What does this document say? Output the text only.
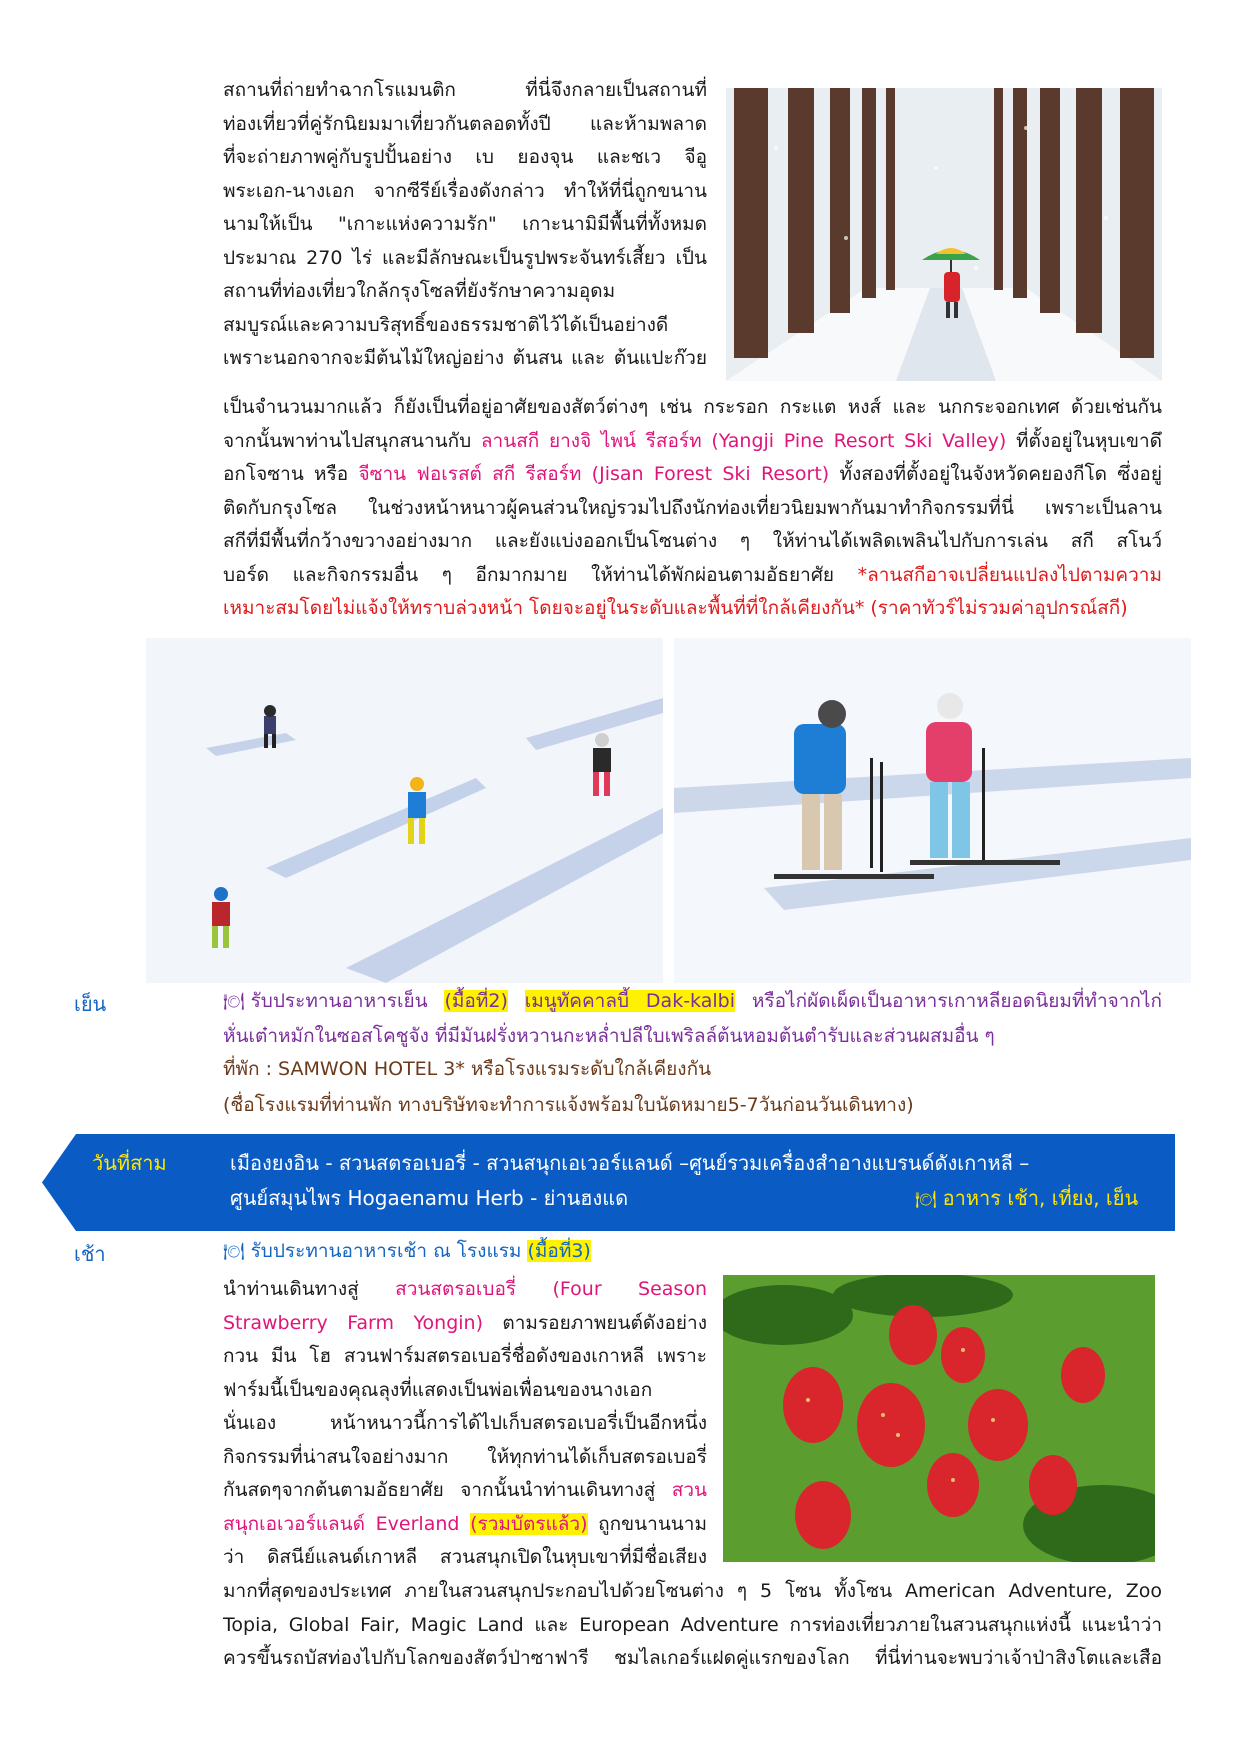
สถานที่ถ่ายทำฉากโรแมนติก ที่นี่จึงกลายเป็นสถานที่

ท่องเที่ยวที่คู่รักนิยมมาเที่ยวกันตลอดทั้งปี และห้ามพลาด

ที่จะถ่ายภาพคู่กับรูปปั้นอย่าง เบ ยองจุน และชเว จีอู

พระเอก-นางเอก จากซีรีย์เรื่องดังกล่าว ทำให้ที่นี่ถูกขนาน

นามให้เป็น "เกาะแห่งความรัก" เกาะนามิมีพื้นที่ทั้งหมด

ประมาณ 270 ไร่ และมีลักษณะเป็นรูปพระจันทร์เสี้ยว เป็น

สถานที่ท่องเที่ยวใกล้กรุงโซลที่ยังรักษาความอุดม

สมบูรณ์และความบริสุทธิ์ของธรรมชาติไว้ได้เป็นอย่างดี

เพราะนอกจากจะมีต้นไม้ใหญ่อย่าง ต้นสน และ ต้นแปะก๊วย

เป็นจำนวนมากแล้ว ก็ยังเป็นที่อยู่อาศัยของสัตว์ต่างๆ เช่น กระรอก กระแต หงส์ และ นกกระจอกเทศ ด้วยเช่นกัน

จากนั้นพาท่านไปสนุกสนานกับ ลานสกี ยางจิ ไพน์ รีสอร์ท (Yangji Pine Resort Ski Valley) ที่ตั้งอยู่ในหุบเขาดึ

อกโจซาน หรือ จีซาน ฟอเรสต์ สกี รีสอร์ท (Jisan Forest Ski Resort) ทั้งสองที่ตั้งอยู่ในจังหวัดคยองกีโด ซึ่งอยู่

ติดกับกรุงโซล ในช่วงหน้าหนาวผู้คนส่วนใหญ่รวมไปถึงนักท่องเที่ยวนิยมพากันมาทำกิจกรรมที่นี่ เพราะเป็นลาน

สกีที่มีพื้นที่กว้างขวางอย่างมาก และยังแบ่งออกเป็นโซนต่าง ๆ ให้ท่านได้เพลิดเพลินไปกับการเล่น สกี สโนว์

บอร์ด และกิจกรรมอื่น ๆ อีกมากมาย ให้ท่านได้พักผ่อนตามอัธยาศัย *ลานสกีอาจเปลี่ยนแปลงไปตามความ

เหมาะสมโดยไม่แจ้งให้ทราบล่วงหน้า โดยจะอยู่ในระดับและพื้นที่ที่ใกล้เคียงกัน* (ราคาทัวร์ไม่รวมค่าอุปกรณ์สกี)

เย็น	🍽 รับประทานอาหารเย็น (มื้อที่2) เมนูทัคคาลบี้ Dak-kalbi หรือไก่ผัดเผ็ดเป็นอาหารเกาหลียอดนิยมที่ทำจากไก่

หั่นเต๋าหมักในซอสโคชูจัง ที่มีมันฝรั่งหวานกะหล่ำปลีใบเพริลล์ต้นหอมต้นตำรับและส่วนผสมอื่น ๆ

ที่พัก : SAMWON HOTEL 3* หรือโรงแรมระดับใกล้เคียงกัน

(ชื่อโรงแรมที่ท่านพัก ทางบริษัทจะทำการแจ้งพร้อมใบนัดหมาย5-7วันก่อนวันเดินทาง)

วันที่สาม	เมืองยงอิน - สวนสตรอเบอรี่ - สวนสนุกเอเวอร์แลนด์ –ศูนย์รวมเครื่องสำอางแบรนด์ดังเกาหลี –
ศูนย์สมุนไพร Hogaenamu Herb - ย่านฮงแด	🍽 อาหาร เช้า, เที่ยง, เย็น
เช้า	🍽 รับประทานอาหารเช้า ณ โรงแรม (มื้อที่3)

นำท่านเดินทางสู่ สวนสตรอเบอรี่ (Four Season

Strawberry Farm Yongin) ตามรอยภาพยนต์ดังอย่าง

กวน มีน โฮ สวนฟาร์มสตรอเบอรี่ชื่อดังของเกาหลี เพราะ

ฟาร์มนี้เป็นของคุณลุงที่แสดงเป็นพ่อเพื่อนของนางเอก

นั่นเอง หน้าหนาวนี้การได้ไปเก็บสตรอเบอรี่เป็นอีกหนึ่ง

กิจกรรมที่น่าสนใจอย่างมาก ให้ทุกท่านได้เก็บสตรอเบอรี่

กันสดๆจากต้นตามอัธยาศัย จากนั้นนำท่านเดินทางสู่ สวน

สนุกเอเวอร์แลนด์ Everland (รวมบัตรแล้ว) ถูกขนานนาม

ว่า ดิสนีย์แลนด์เกาหลี สวนสนุกเปิดในหุบเขาที่มีชื่อเสียง

มากที่สุดของประเทศ ภายในสวนสนุกประกอบไปด้วยโซนต่าง ๆ 5 โซน ทั้งโซน American Adventure, Zoo

Topia, Global Fair, Magic Land และ European Adventure การท่องเที่ยวภายในสวนสนุกแห่งนี้ แนะนำว่า

ควรขึ้นรถบัสท่องไปกับโลกของสัตว์ป่าซาฟารี ชมไลเกอร์แฝดคู่แรกของโลก ที่นี่ท่านจะพบว่าเจ้าป่าสิงโตและเสือ
